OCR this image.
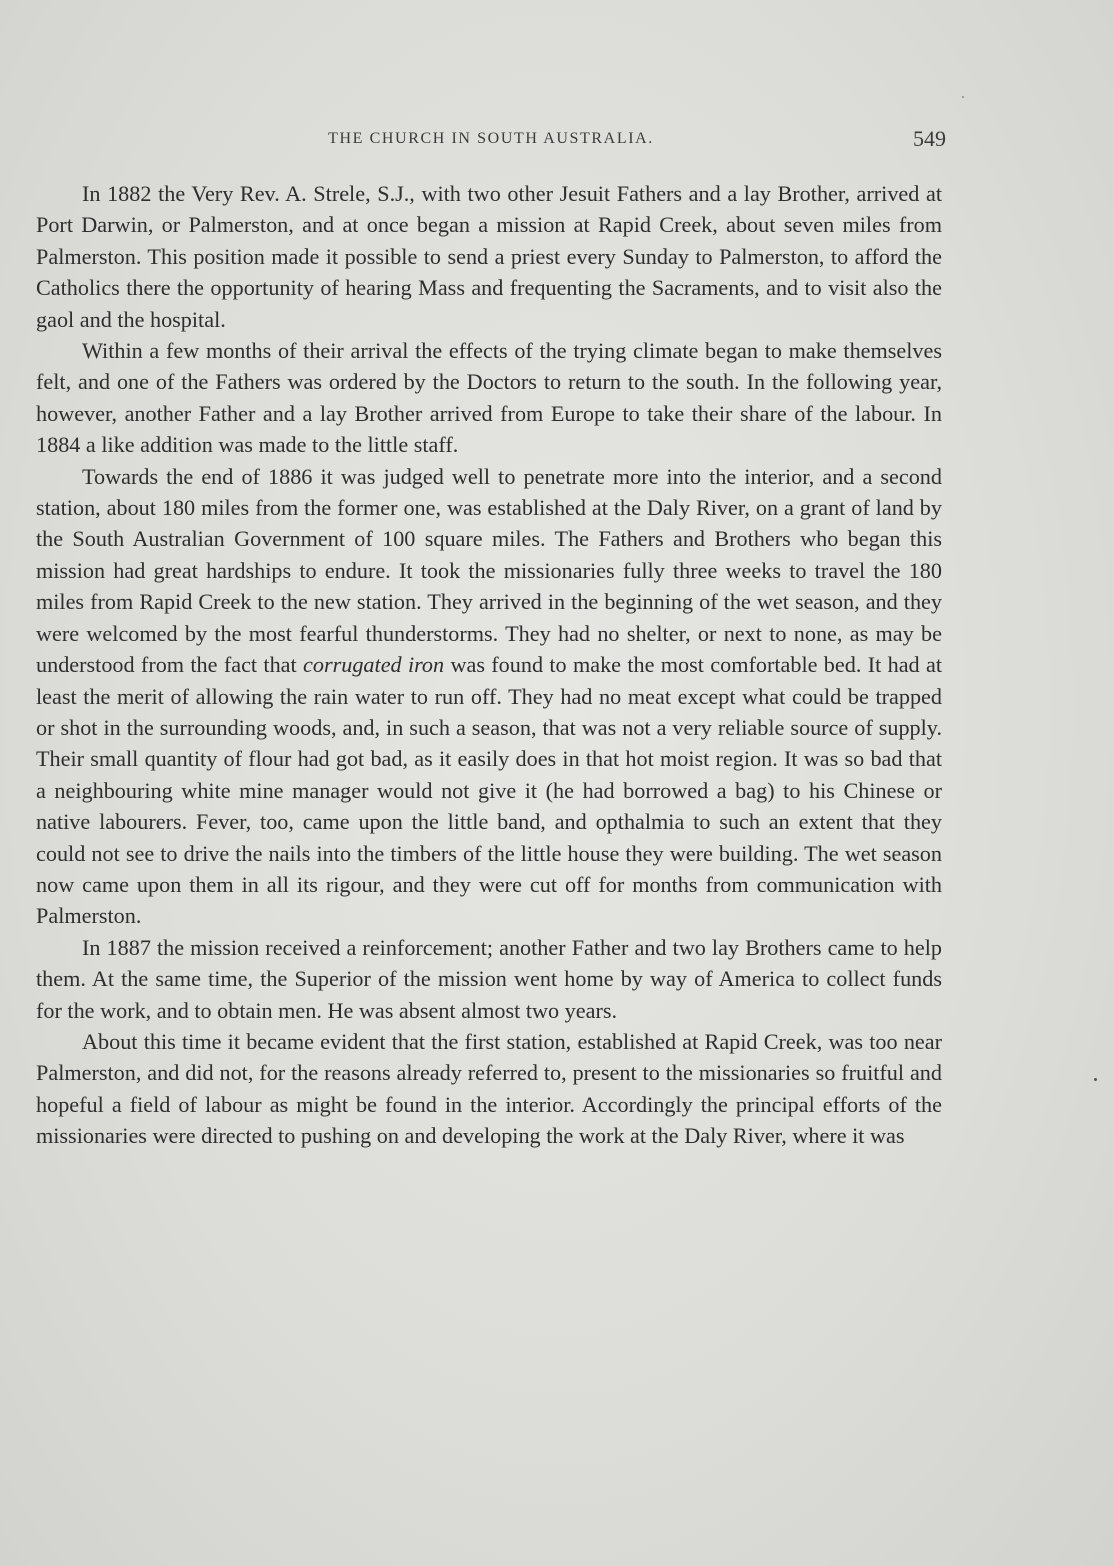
THE CHURCH IN SOUTH AUSTRALIA.	549

In 1882 the Very Rev. A. Strele, S.J., with two other Jesuit Fathers and a lay Brother, arrived at Port Darwin, or Palmerston, and at once began a mission at Rapid Creek, about seven miles from Palmerston. This position made it possible to send a priest every Sunday to Palmerston, to afford the Catholics there the opportunity of hearing Mass and frequenting the Sacraments, and to visit also the gaol and the hospital.

Within a few months of their arrival the effects of the trying climate began to make themselves felt, and one of the Fathers was ordered by the Doctors to return to the south. In the following year, however, another Father and a lay Brother arrived from Europe to take their share of the labour. In 1884 a like addition was made to the little staff.

Towards the end of 1886 it was judged well to penetrate more into the interior, and a second station, about 180 miles from the former one, was established at the Daly River, on a grant of land by the South Australian Government of 100 square miles. The Fathers and Brothers who began this mission had great hardships to endure. It took the missionaries fully three weeks to travel the 180 miles from Rapid Creek to the new station. They arrived in the beginning of the wet season, and they were welcomed by the most fearful thunderstorms. They had no shelter, or next to none, as may be understood from the fact that corrugated iron was found to make the most comfortable bed. It had at least the merit of allowing the rain water to run off. They had no meat except what could be trapped or shot in the surrounding woods, and, in such a season, that was not a very reliable source of supply. Their small quantity of flour had got bad, as it easily does in that hot moist region. It was so bad that a neighbouring white mine manager would not give it (he had borrowed a bag) to his Chinese or native labourers. Fever, too, came upon the little band, and opthalmia to such an extent that they could not see to drive the nails into the timbers of the little house they were building. The wet season now came upon them in all its rigour, and they were cut off for months from communication with Palmerston.

In 1887 the mission received a reinforcement; another Father and two lay Brothers came to help them. At the same time, the Superior of the mission went home by way of America to collect funds for the work, and to obtain men. He was absent almost two years.

About this time it became evident that the first station, established at Rapid Creek, was too near Palmerston, and did not, for the reasons already referred to, present to the missionaries so fruitful and hopeful a field of labour as might be found in the interior. Accordingly the principal efforts of the missionaries were directed to pushing on and developing the work at the Daly River, where it was
